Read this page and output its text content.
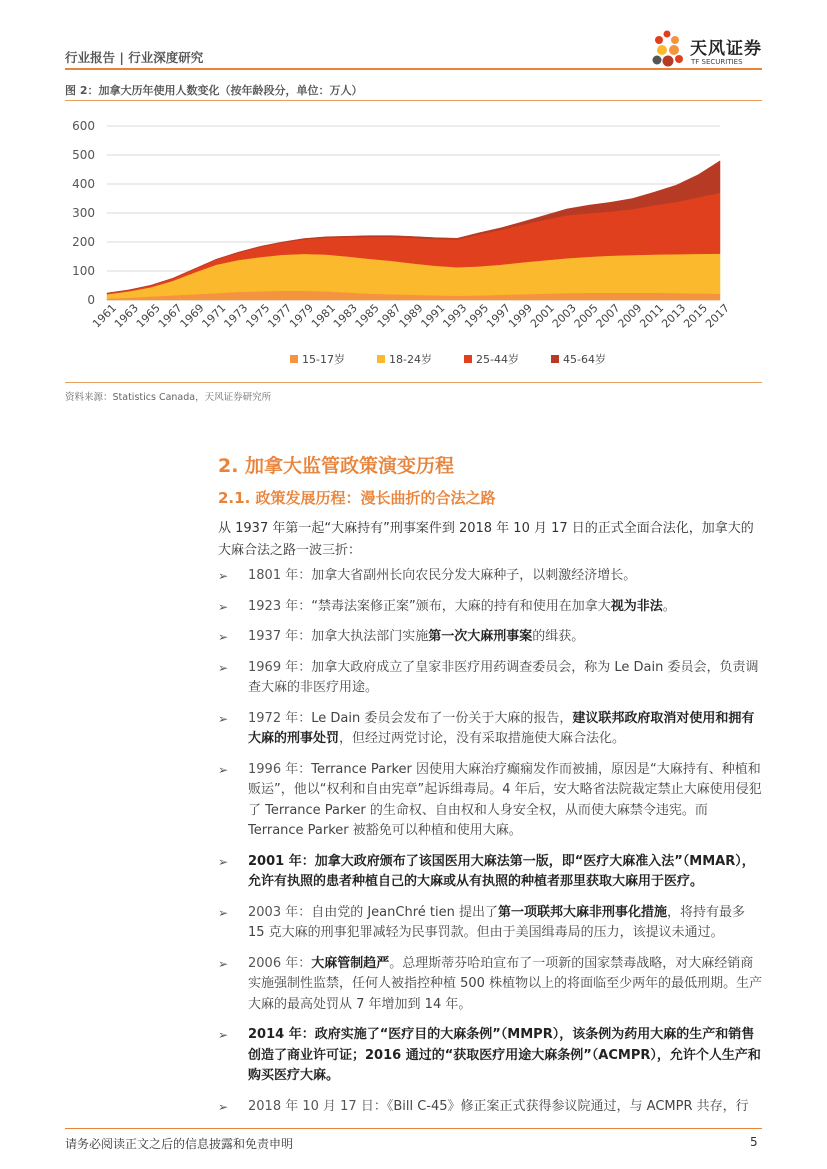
行业报告 | 行业深度研究	天风证券
TF SECURITIES
图 2：加拿大历年使用人数变化（按年龄段分，单位：万人）
0
100
200
300
400
500
600
1961
1963
1965
1967
1969
1971
1973
1975
1977
1979
1981
1983
1985
1987
1989
1991
1993
1995
1997
1999
2001
2003
2005
2007
2009
2011
2013
2015
2017
15-17岁	18-24岁	25-44岁	45-64岁
资料来源：Statistics Canada，天风证券研究所
2. 加拿大监管政策演变历程
2.1. 政策发展历程：漫长曲折的合法之路
从 1937 年第一起“大麻持有”刑事案件到 2018 年 10 月 17 日的正式全面合法化，加拿大的大麻合法之路一波三折：
➢ 1801 年：加拿大省副州长向农民分发大麻种子，以刺激经济增长。
➢ 1923 年：“禁毒法案修正案”颁布，大麻的持有和使用在加拿大视为非法。
➢ 1937 年：加拿大执法部门实施第一次大麻刑事案的缉获。
➢ 1969 年：加拿大政府成立了皇家非医疗用药调查委员会，称为 Le Dain 委员会，负责调查大麻的非医疗用途。
➢ 1972 年：Le Dain 委员会发布了一份关于大麻的报告，建议联邦政府取消对使用和拥有大麻的刑事处罚，但经过两党讨论，没有采取措施使大麻合法化。
➢ 1996 年：Terrance Parker 因使用大麻治疗癫痫发作而被捕，原因是“大麻持有、种植和贩运”，他以“权利和自由宪章”起诉缉毒局。4 年后，安大略省法院裁定禁止大麻使用侵犯了 Terrance Parker 的生命权、自由权和人身安全权，从而使大麻禁令违宪。而 Terrance Parker 被豁免可以种植和使用大麻。
➢ 2001 年：加拿大政府颁布了该国医用大麻法第一版，即“医疗大麻准入法”（MMAR），允许有执照的患者种植自己的大麻或从有执照的种植者那里获取大麻用于医疗。
➢ 2003 年：自由党的 JeanChré tien 提出了第一项联邦大麻非刑事化措施，将持有最多 15 克大麻的刑事犯罪减轻为民事罚款。但由于美国缉毒局的压力，该提议未通过。
➢ 2006 年：大麻管制趋严。总理斯蒂芬哈珀宣布了一项新的国家禁毒战略，对大麻经销商实施强制性监禁，任何人被指控种植 500 株植物以上的将面临至少两年的最低刑期。生产大麻的最高处罚从 7 年增加到 14 年。
➢ 2014 年：政府实施了“医疗目的大麻条例”（MMPR），该条例为药用大麻的生产和销售创造了商业许可证；2016 通过的“获取医疗用途大麻条例”（ACMPR），允许个人生产和购买医疗大麻。
➢ 2018 年 10 月 17 日：《Bill C-45》修正案正式获得参议院通过，与 ACMPR 共存，行
请务必阅读正文之后的信息披露和免责申明	5
